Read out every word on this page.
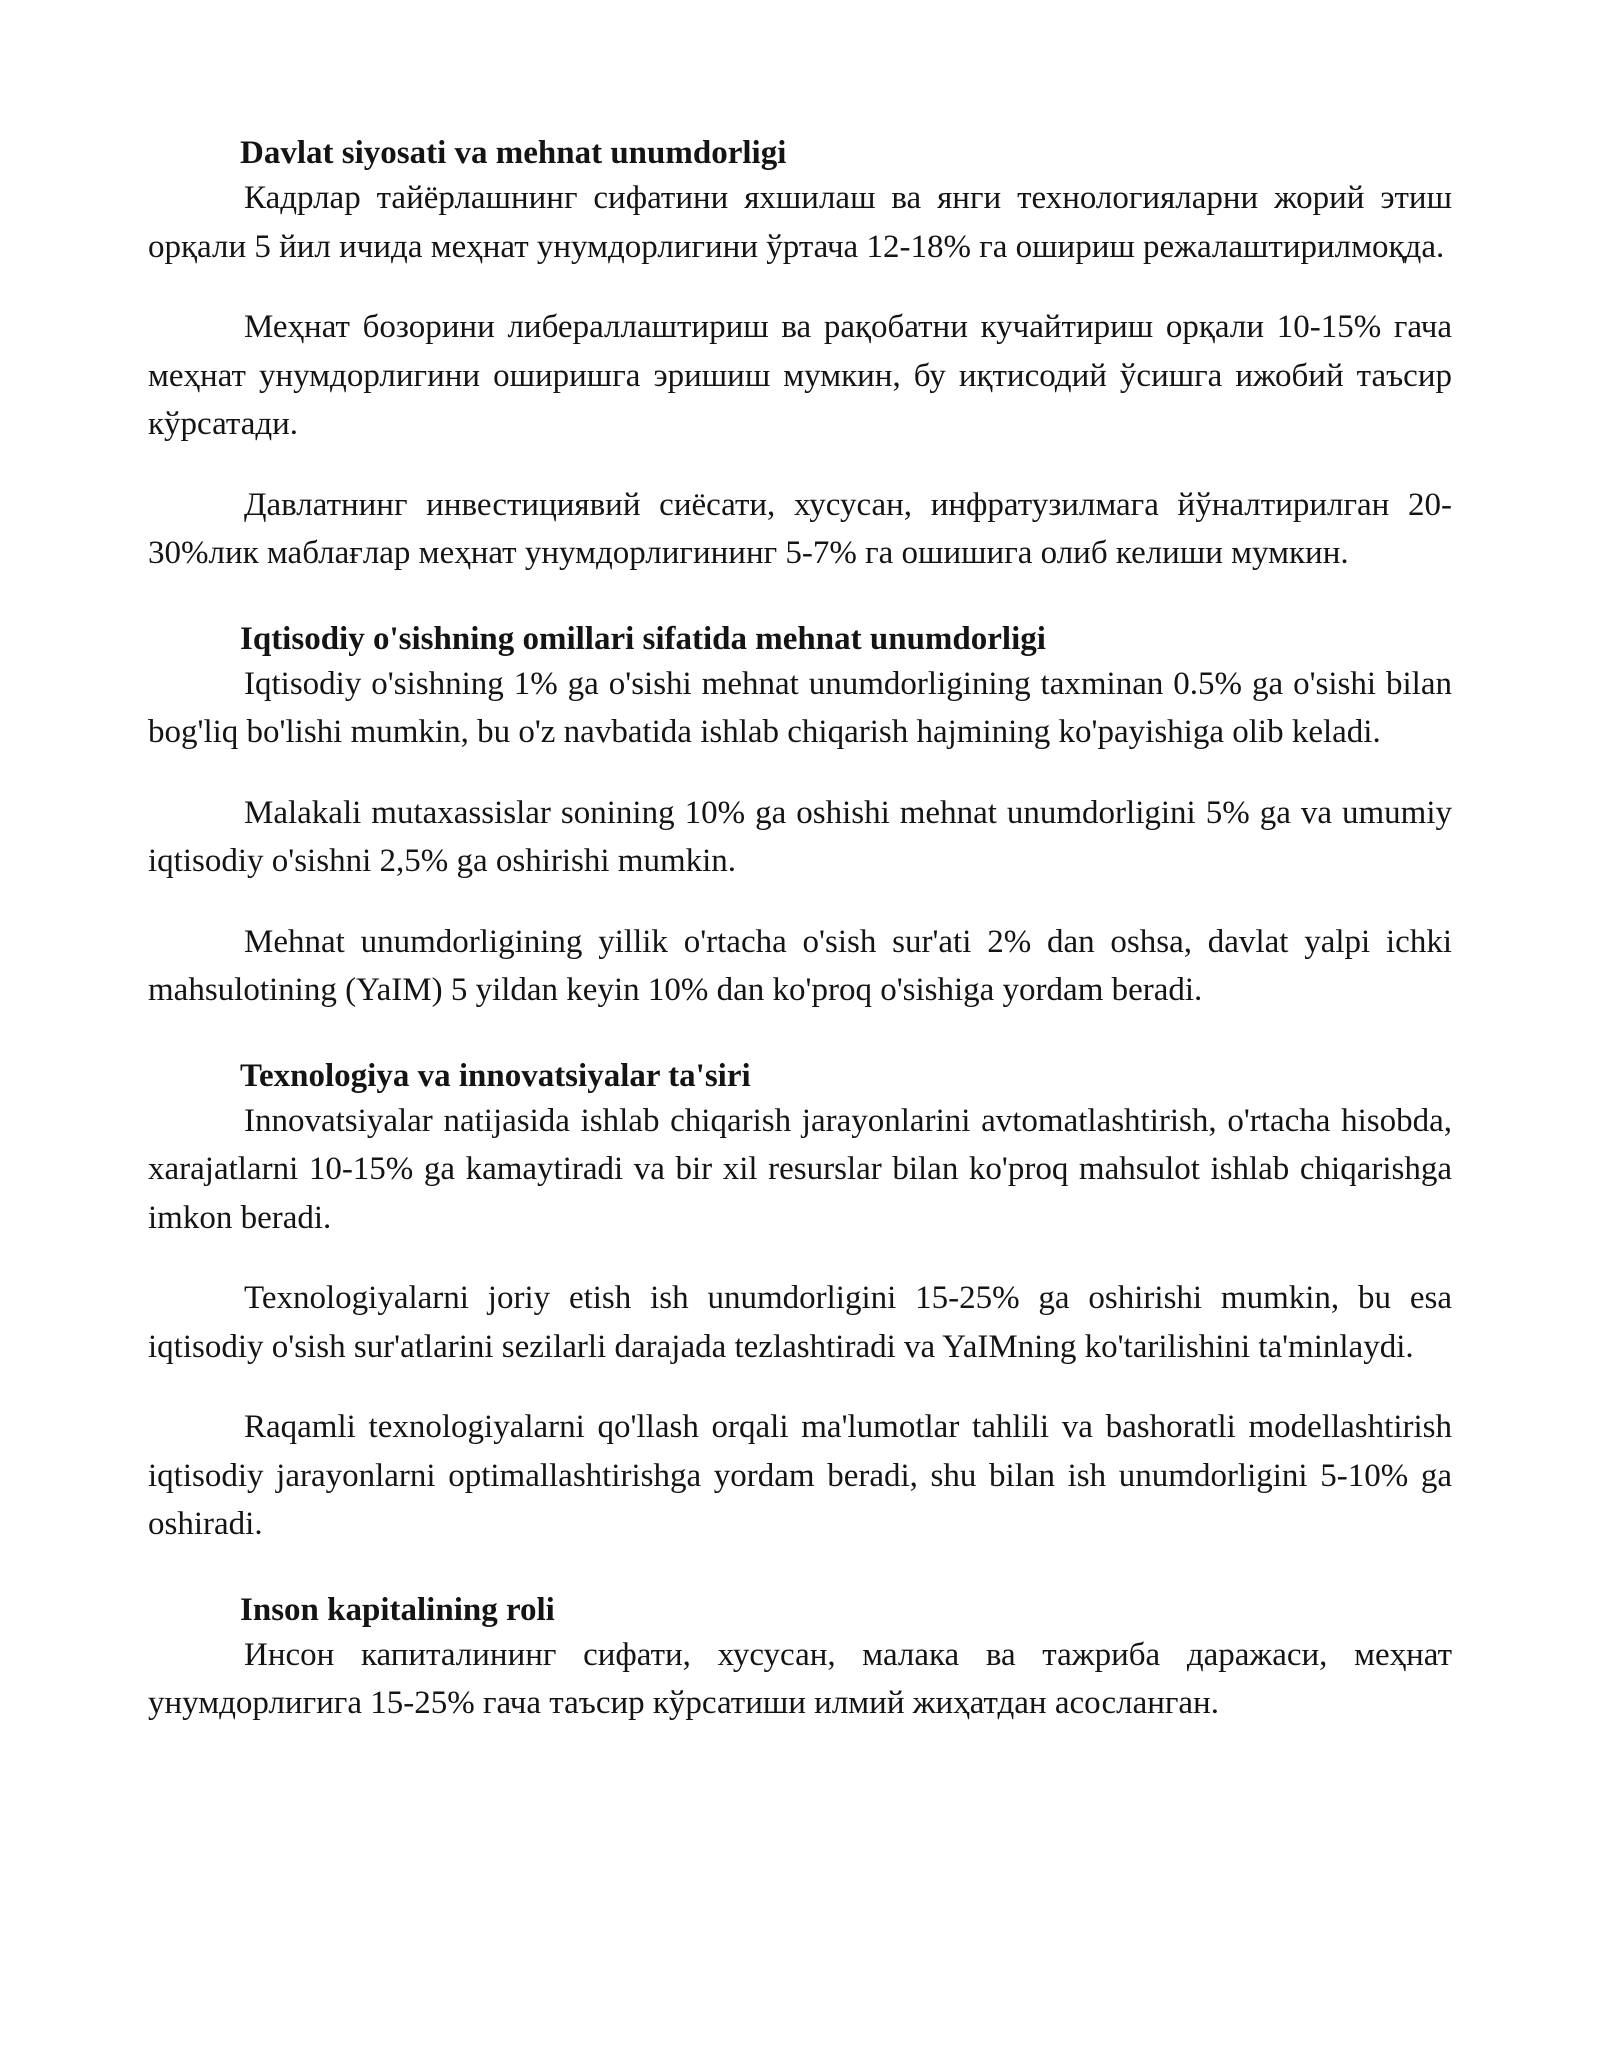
Davlat siyosati va mehnat unumdorligi

Кадрлар тайёрлашнинг сифатини яхшилаш ва янги технологияларни жорий этиш орқали 5 йил ичида меҳнат унумдорлигини ўртача 12-18% га ошириш режалаштирилмоқда.

Меҳнат бозорини либераллаштириш ва рақобатни кучайтириш орқали 10-15% гача меҳнат унумдорлигини оширишга эришиш мумкин, бу иқтисодий ўсишга ижобий таъсир кўрсатади.

Давлатнинг инвестициявий сиёсати, хусусан, инфратузилмага йўналтирилган 20-30%лик маблағлар меҳнат унумдорлигининг 5-7% га ошишига олиб келиши мумкин.

Iqtisodiy o'sishning omillari sifatida mehnat unumdorligi

Iqtisodiy o'sishning 1% ga o'sishi mehnat unumdorligining taxminan 0.5% ga o'sishi bilan bog'liq bo'lishi mumkin, bu o'z navbatida ishlab chiqarish hajmining ko'payishiga olib keladi.

Malakali mutaxassislar sonining 10% ga oshishi mehnat unumdorligini 5% ga va umumiy iqtisodiy o'sishni 2,5% ga oshirishi mumkin.

Mehnat unumdorligining yillik o'rtacha o'sish sur'ati 2% dan oshsa, davlat yalpi ichki mahsulotining (YaIM) 5 yildan keyin 10% dan ko'proq o'sishiga yordam beradi.

Texnologiya va innovatsiyalar ta'siri

Innovatsiyalar natijasida ishlab chiqarish jarayonlarini avtomatlashtirish, o'rtacha hisobda, xarajatlarni 10-15% ga kamaytiradi va bir xil resurslar bilan ko'proq mahsulot ishlab chiqarishga imkon beradi.

Texnologiyalarni joriy etish ish unumdorligini 15-25% ga oshirishi mumkin, bu esa iqtisodiy o'sish sur'atlarini sezilarli darajada tezlashtiradi va YaIMning ko'tarilishini ta'minlaydi.

Raqamli texnologiyalarni qo'llash orqali ma'lumotlar tahlili va bashoratli modellashtirish iqtisodiy jarayonlarni optimallashtirishga yordam beradi, shu bilan ish unumdorligini 5-10% ga oshiradi.

Inson kapitalining roli

Инсон капиталининг сифати, хусусан, малака ва тажриба даражаси, меҳнат унумдорлигига 15-25% гача таъсир кўрсатиши илмий жиҳатдан асосланган.
